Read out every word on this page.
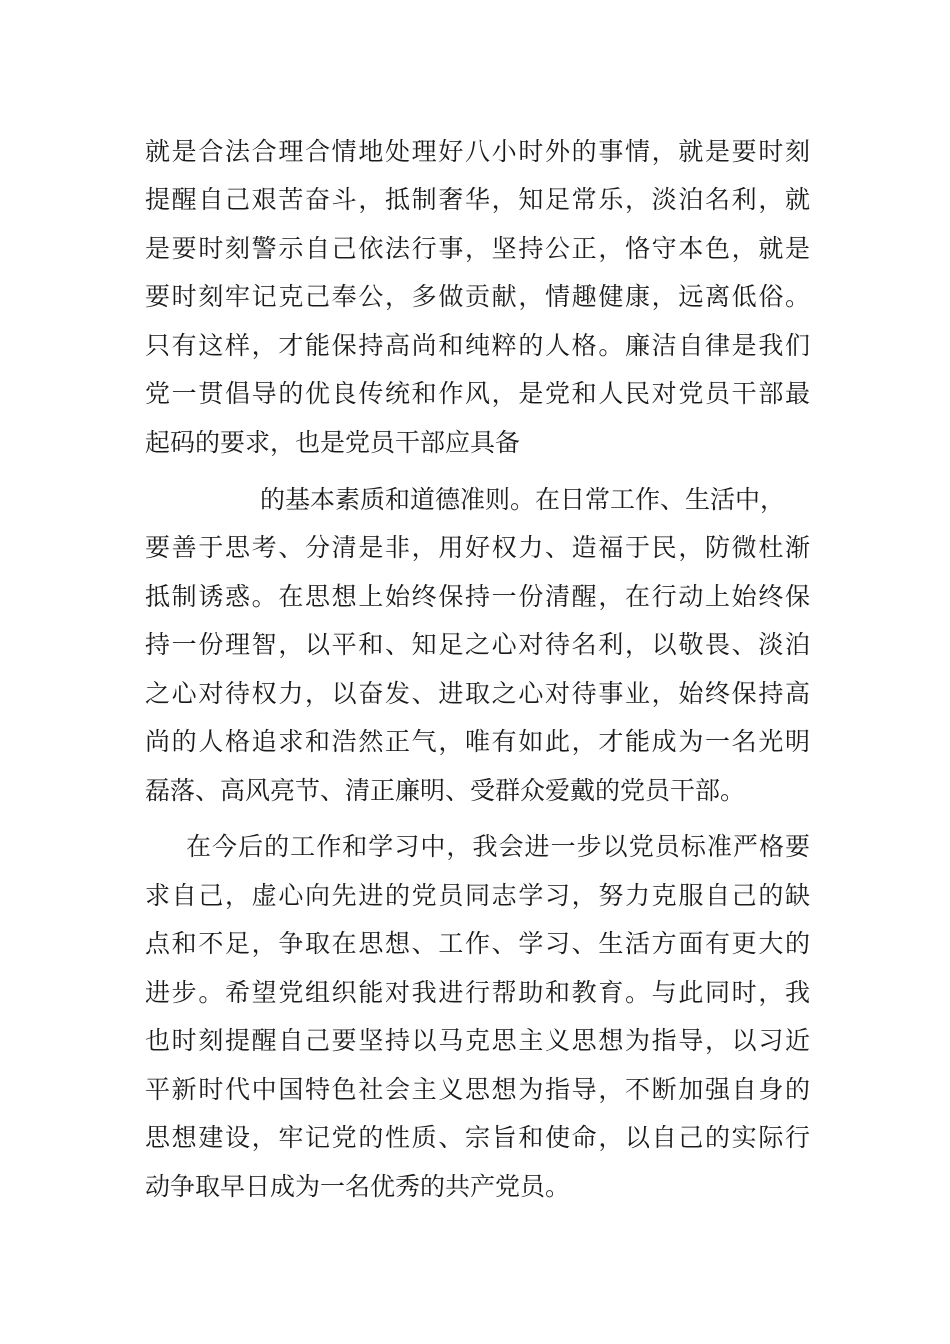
就是合法合理合情地处理好八小时外的事情，就是要时刻
提醒自己艰苦奋斗，抵制奢华，知足常乐，淡泊名利，就
是要时刻警示自己依法行事，坚持公正，恪守本色，就是
要时刻牢记克己奉公，多做贡献，情趣健康，远离低俗。
只有这样，才能保持高尚和纯粹的人格。廉洁自律是我们
党一贯倡导的优良传统和作风，是党和人民对党员干部最
起码的要求，也是党员干部应具备
的基本素质和道德准则。在日常工作、生活中，
要善于思考、分清是非，用好权力、造福于民，防微杜渐
抵制诱惑。在思想上始终保持一份清醒，在行动上始终保
持一份理智，以平和、知足之心对待名利，以敬畏、淡泊
之心对待权力，以奋发、进取之心对待事业，始终保持高
尚的人格追求和浩然正气，唯有如此，才能成为一名光明
磊落、高风亮节、清正廉明、受群众爱戴的党员干部。
在今后的工作和学习中，我会进一步以党员标准严格要
求自己，虚心向先进的党员同志学习，努力克服自己的缺
点和不足，争取在思想、工作、学习、生活方面有更大的
进步。希望党组织能对我进行帮助和教育。与此同时，我
也时刻提醒自己要坚持以马克思主义思想为指导，以习近
平新时代中国特色社会主义思想为指导，不断加强自身的
思想建设，牢记党的性质、宗旨和使命，以自己的实际行
动争取早日成为一名优秀的共产党员。
